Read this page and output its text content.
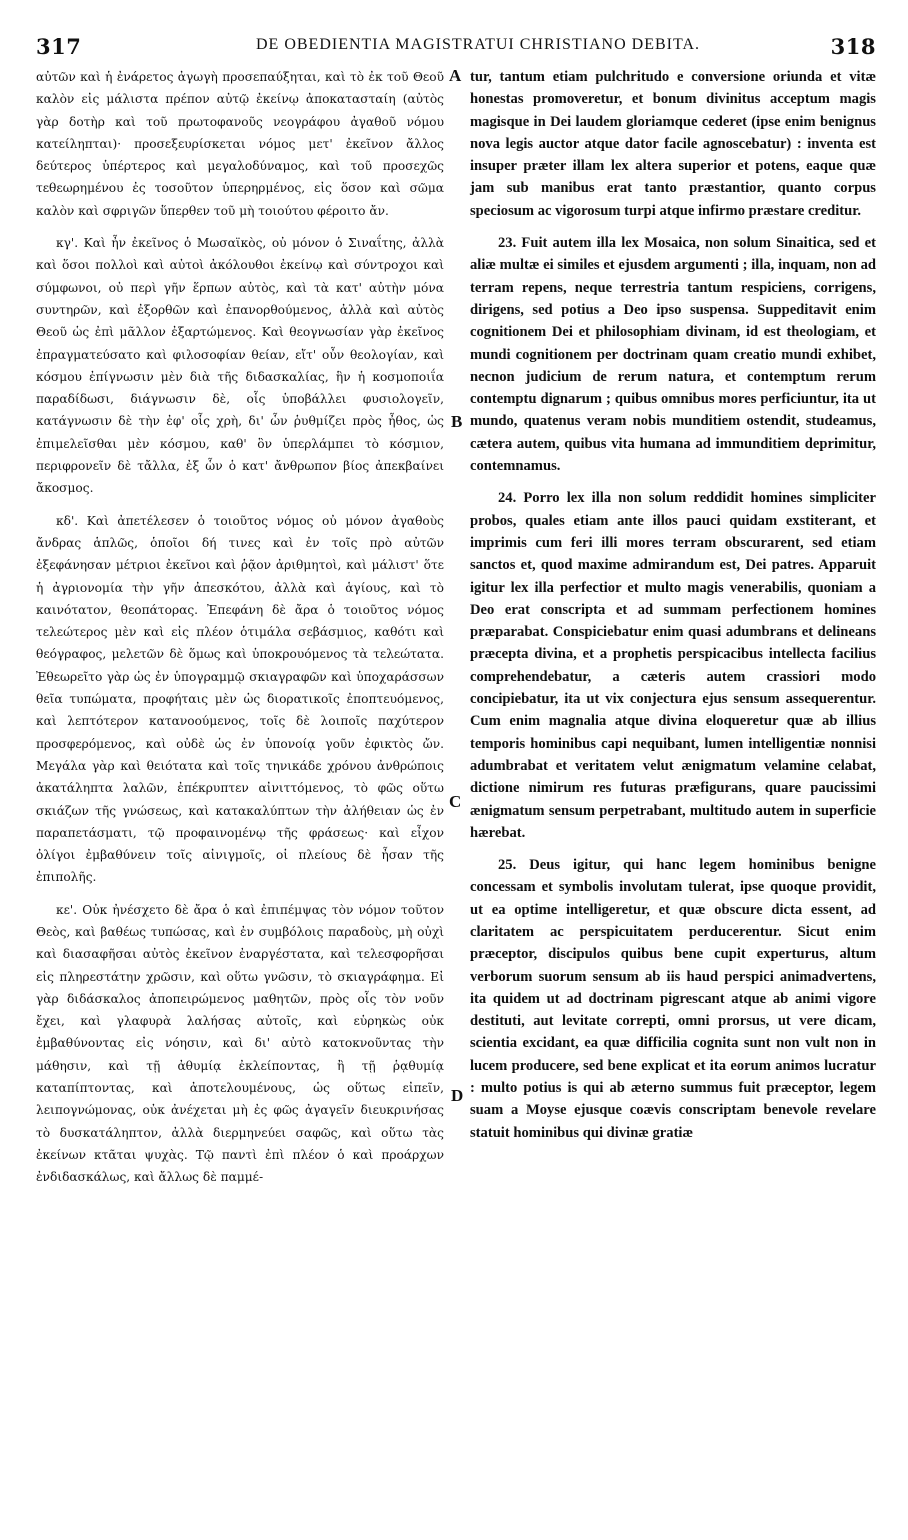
317	DE OBEDIENTIA MAGISTRATUI CHRISTIANO DEBITA.	318

αὐτῶν καὶ ἡ ἐνάρετος ἀγωγὴ προσεπαύξηται, καὶ τὸ ἐκ τοῦ Θεοῦ καλὸν εἰς μάλιστα πρέπον αὐτῷ ἐκείνῳ ἀποκατασταίη (αὐτὸς γὰρ δοτὴρ καὶ τοῦ πρωτοφανοῦς νεογράφου ἀγαθοῦ νόμου κατείληπται)· προσεξευρίσκεται νόμος μετ' ἐκεῖνον ἄλλος δεύτερος ὑπέρτερος καὶ μεγαλοδύναμος, καὶ τοῦ προσεχῶς τεθεωρημένου ἐς τοσοῦτον ὑπερηρμένος, εἰς ὅσον καὶ σῶμα καλὸν καὶ σφριγῶν ὕπερθεν τοῦ μὴ τοιούτου φέροιτο ἄν.

κγ'. Καὶ ἦν ἐκεῖνος ὁ Μωσαϊκὸς, οὐ μόνον ὁ Σιναΐτης, ἀλλὰ καὶ ὅσοι πολλοὶ καὶ αὐτοὶ ἀκόλουθοι ἐκείνῳ καὶ σύντροχοι καὶ σύμφωνοι, οὐ περὶ γῆν ἕρπων αὐτὸς, καὶ τὰ κατ' αὐτὴν μόνα συντηρῶν, καὶ ἐξορθῶν καὶ ἐπανορθούμενος, ἀλλὰ καὶ αὐτὸς Θεοῦ ὡς ἐπὶ μᾶλλον ἐξαρτώμενος. Καὶ θεογνωσίαν γὰρ ἐκεῖνος ἐπραγματεύσατο καὶ φιλοσοφίαν θείαν, εἴτ' οὖν θεολογίαν, καὶ κόσμου ἐπίγνωσιν μὲν διὰ τῆς διδασκαλίας, ἣν ἡ κοσμοποιΐα παραδίδωσι, διάγνωσιν δὲ, οἷς ὑποβάλλει φυσιολογεῖν, κατάγνωσιν δὲ τὴν ἐφ' οἷς χρὴ, δι' ὧν ῥυθμίζει πρὸς ἦθος, ὡς ἐπιμελεῖσθαι μὲν κόσμου, καθ' ὃν ὑπερλάμπει τὸ κόσμιον, περιφρονεῖν δὲ τἄλλα, ἐξ ὧν ὁ κατ' ἄνθρωπον βίος ἀπεκβαίνει ἄκοσμος.

κδ'. Καὶ ἀπετέλεσεν ὁ τοιοῦτος νόμος οὐ μόνον ἀγαθοὺς ἄνδρας ἁπλῶς, ὁποῖοι δή τινες καὶ ἐν τοῖς πρὸ αὐτῶν ἐξεφάνησαν μέτριοι ἐκεῖνοι καὶ ῥᾷον ἀριθμητοὶ, καὶ μάλιστ' ὅτε ἡ ἀγριονομία τὴν γῆν ἀπεσκότου, ἀλλὰ καὶ ἁγίους, καὶ τὸ καινότατον, θεοπάτορας. Ἐπεφάνη δὲ ἄρα ὁ τοιοῦτος νόμος τελεώτερος μὲν καὶ εἰς πλέον ὁτιμάλα σεβάσμιος, καθότι καὶ θεόγραφος, μελετῶν δὲ ὅμως καὶ ὑποκρουόμενος τὰ τελεώτατα. Ἐθεωρεῖτο γὰρ ὡς ἐν ὑπογραμμῷ σκιαγραφῶν καὶ ὑποχαράσσων θεῖα τυπώματα, προφήταις μὲν ὡς διορατικοῖς ἐποπτευόμενος, καὶ λεπτότερον κατανοούμενος, τοῖς δὲ λοιποῖς παχύτερον προσφερόμενος, καὶ οὐδὲ ὡς ἐν ὑπονοίᾳ γοῦν ἐφικτὸς ὤν. Μεγάλα γὰρ καὶ θειότατα καὶ τοῖς τηνικάδε χρόνου ἀνθρώποις ἀκατάληπτα λαλῶν, ἐπέκρυπτεν αἰνιττόμενος, τὸ φῶς οὕτω σκιάζων τῆς γνώσεως, καὶ κατακαλύπτων τὴν ἀλήθειαν ὡς ἐν παραπετάσματι, τῷ προφαινομένῳ τῆς φράσεως· καὶ εἶχον ὀλίγοι ἐμβαθύνειν τοῖς αἰνιγμοῖς, οἱ πλείους δὲ ἦσαν τῆς ἐπιπολῆς.

κε'. Οὐκ ἠνέσχετο δὲ ἄρα ὁ καὶ ἐπιπέμψας τὸν νόμον τοῦτον Θεὸς, καὶ βαθέως τυπώσας, καὶ ἐν συμβόλοις παραδοὺς, μὴ οὐχὶ καὶ διασαφῆσαι αὐτὸς ἐκεῖνον ἐναργέστατα, καὶ τελεσφορῆσαι εἰς πληρεστάτην χρῶσιν, καὶ οὕτω γνῶσιν, τὸ σκιαγράφημα. Εἰ γὰρ διδάσκαλος ἀποπειρώμενος μαθητῶν, πρὸς οἷς τὸν νοῦν ἔχει, καὶ γλαφυρὰ λαλήσας αὐτοῖς, καὶ εὑρηκὼς οὐκ ἐμβαθύνοντας εἰς νόησιν, καὶ δι' αὐτὸ κατοκνοῦντας τὴν μάθησιν, καὶ τῇ ἀθυμίᾳ ἐκλείποντας, ἢ τῇ ῥᾳθυμίᾳ καταπίπτοντας, καὶ ἀποτελουμένους, ὡς οὕτως εἰπεῖν, λειπογνώμονας, οὐκ ἀνέχεται μὴ ἐς φῶς ἀγαγεῖν διευκρινήσας τὸ δυσκατάληπτον, ἀλλὰ διερμηνεύει σαφῶς, καὶ οὕτω τὰς ἐκείνων κτᾶται ψυχὰς. Τῷ παντὶ ἐπὶ πλέον ὁ καὶ προάρχων ἐνδιδασκάλως, καὶ ἄλλως δὲ παμμέ-

A
B
C
D

tur, tantum etiam pulchritudo e conversione oriunda et vitæ honestas promoveretur, et bonum divinitus acceptum magis magisque in Dei laudem gloriamque cederet (ipse enim benignus nova legis auctor atque dator facile agnoscebatur) : inventa est insuper præter illam lex altera superior et potens, eaque quæ jam sub manibus erat tanto præstantior, quanto corpus speciosum ac vigorosum turpi atque infirmo præstare creditur.

23. Fuit autem illa lex Mosaica, non solum Sinaitica, sed et aliæ multæ ei similes et ejusdem argumenti ; illa, inquam, non ad terram repens, neque terrestria tantum respiciens, corrigens, dirigens, sed potius a Deo ipso suspensa. Suppeditavit enim cognitionem Dei et philosophiam divinam, id est theologiam, et mundi cognitionem per doctrinam quam creatio mundi exhibet, necnon judicium de rerum natura, et contemptum rerum contemptu dignarum ; quibus omnibus mores perficiuntur, ita ut mundo, quatenus veram nobis munditiem ostendit, studeamus, cætera autem, quibus vita humana ad immunditiem deprimitur, contemnamus.

24. Porro lex illa non solum reddidit homines simpliciter probos, quales etiam ante illos pauci quidam exstiterant, et imprimis cum feri illi mores terram obscurarent, sed etiam sanctos et, quod maxime admirandum est, Dei patres. Apparuit igitur lex illa perfectior et multo magis venerabilis, quoniam a Deo erat conscripta et ad summam perfectionem homines præparabat. Conspiciebatur enim quasi adumbrans et delineans præcepta divina, et a prophetis perspicacibus intellecta facilius comprehendebatur, a cæteris autem crassiori modo concipiebatur, ita ut vix conjectura ejus sensum assequerentur. Cum enim magnalia atque divina eloqueretur quæ ab illius temporis hominibus capi nequibant, lumen intelligentiæ nonnisi adumbrabat et veritatem velut ænigmatum velamine celabat, dictione nimirum res futuras præfigurans, quare paucissimi ænigmatum sensum perpetrabant, multitudo autem in superficie hærebat.

25. Deus igitur, qui hanc legem hominibus benigne concessam et symbolis involutam tulerat, ipse quoque providit, ut ea optime intelligeretur, et quæ obscure dicta essent, ad claritatem ac perspicuitatem perducerentur. Sicut enim præceptor, discipulos quibus bene cupit experturus, altum verborum suorum sensum ab iis haud perspici animadvertens, ita quidem ut ad doctrinam pigrescant atque ab animi vigore destituti, aut levitate correpti, omni prorsus, ut vere dicam, scientia excidant, ea quæ difficilia cognita sunt non vult non in lucem producere, sed bene explicat et ita eorum animos lucratur : multo potius is qui ab æterno summus fuit præceptor, legem suam a Moyse ejusque coævis conscriptam benevole revelare statuit hominibus qui divinæ gratiæ
